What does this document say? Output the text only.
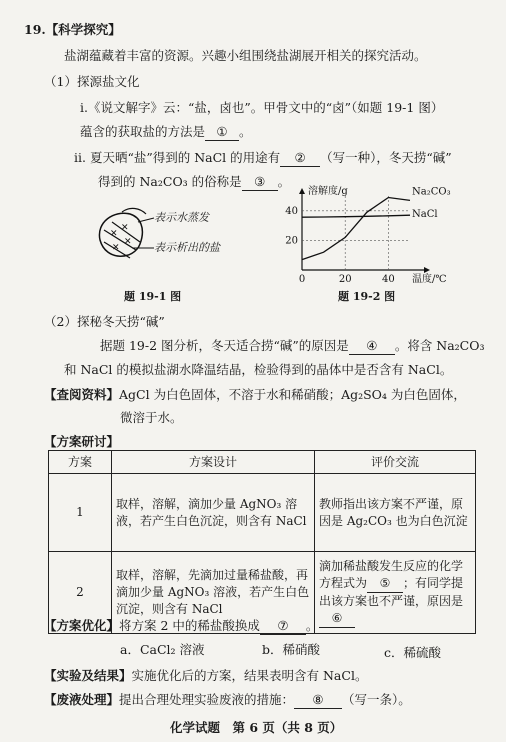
19.【科学探究】
盐湖蕴藏着丰富的资源。兴趣小组围绕盐湖展开相关的探究活动。
（1）探源盐文化
i.《说文解字》云：“盐，卤也”。甲骨文中的“卤”（如题 19-1 图）
蕴含的获取盐的方法是 ① 。
ii. 夏天晒“盐”得到的 NaCl 的用途有 ② （写一种），冬天捞“碱”
得到的 Na₂CO₃ 的俗称是 ③ 。
✕
✕
✕
✕
表示水蒸发
表示析出的盐
题 19-1 图
溶解度/g
温度/℃
40
20
0	20	40
Na₂CO₃
NaCl
题 19-2 图
（2）探秘冬天捞“碱”
据题 19-2 图分析，冬天适合捞“碱”的原因是 ④ 。将含 Na₂CO₃
和 NaCl 的模拟盐湖水降温结晶，检验得到的晶体中是否含有 NaCl。
【查阅资料】AgCl 为白色固体，不溶于水和稀硝酸；Ag₂SO₄ 为白色固体，
微溶于水。
【方案研讨】
方案	方案设计	评价交流
1	取样，溶解，滴加少量 AgNO₃ 溶液，若产生白色沉淀，则含有 NaCl	教师指出该方案不严谨，原因是 Ag₂CO₃ 也为白色沉淀
2	取样，溶解，先滴加过量稀盐酸，再滴加少量 AgNO₃ 溶液，若产生白色沉淀，则含有 NaCl	滴加稀盐酸发生反应的化学方程式为 ⑤ ；有同学提出该方案也不严谨，原因是⑥
【方案优化】将方案 2 中的稀盐酸换成 ⑦ 。
a．CaCl₂ 溶液	b．稀硝酸	c．稀硫酸
【实验及结果】实施优化后的方案，结果表明含有 NaCl。
【废液处理】提出合理处理实验废液的措施： ⑧ （写一条）。
化学试题　第 6 页（共 8 页）
